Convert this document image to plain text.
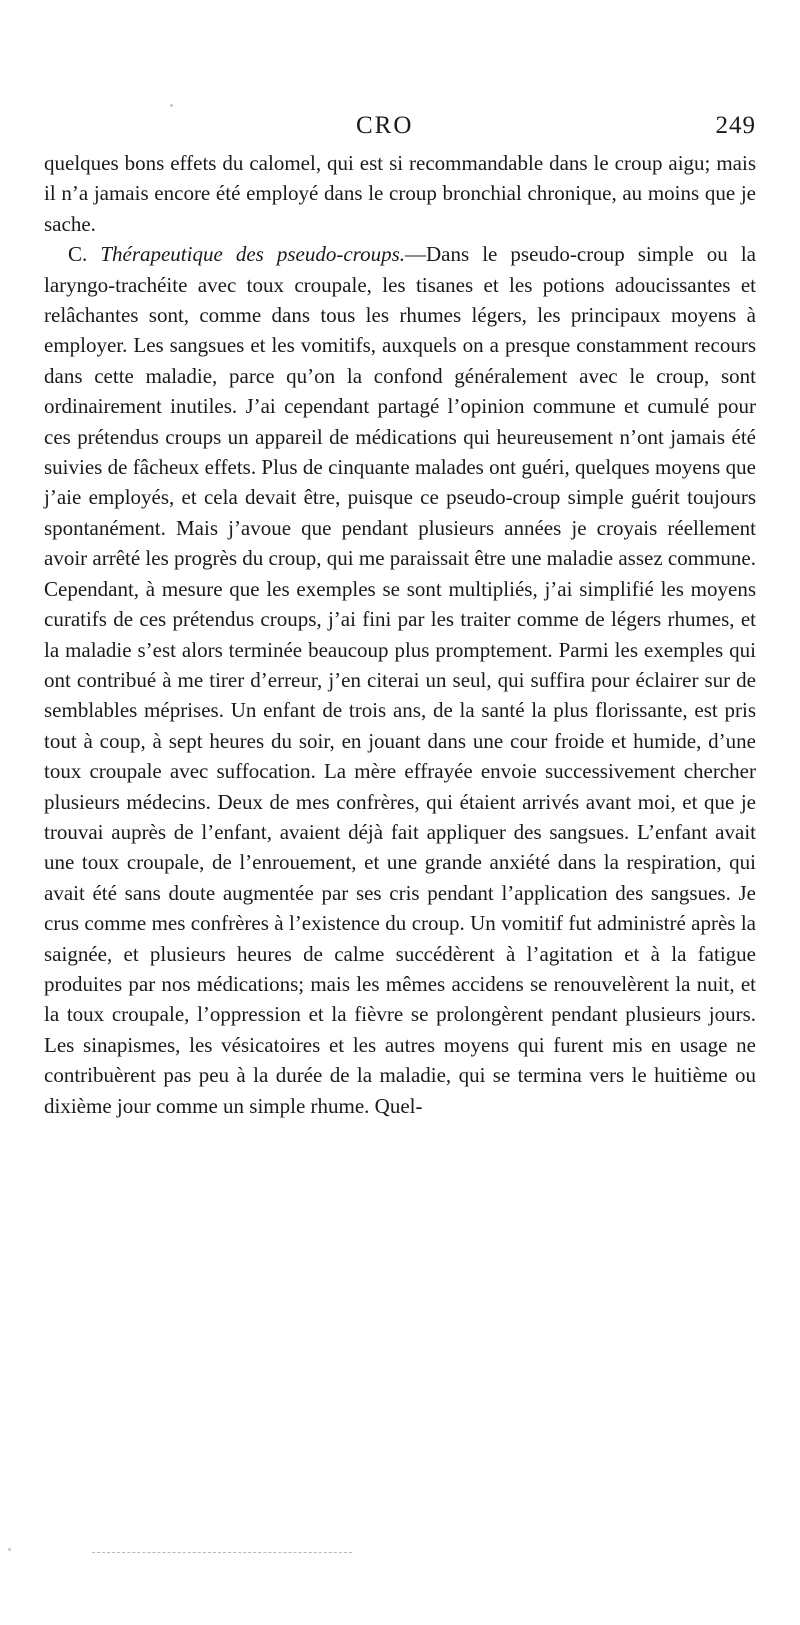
CRO	249

quelques bons effets du calomel, qui est si recommandable dans le croup aigu; mais il n’a jamais encore été employé dans le croup bronchial chronique, au moins que je sache.

C. Thérapeutique des pseudo-croups.—Dans le pseudo-croup simple ou la laryngo-trachéite avec toux croupale, les tisanes et les potions adoucissantes et relâchantes sont, comme dans tous les rhumes légers, les principaux moyens à employer. Les sangsues et les vomitifs, auxquels on a presque constamment recours dans cette maladie, parce qu’on la confond généralement avec le croup, sont ordinairement inutiles. J’ai cependant partagé l’opinion commune et cumulé pour ces prétendus croups un appareil de médications qui heureusement n’ont jamais été suivies de fâcheux effets. Plus de cinquante malades ont guéri, quelques moyens que j’aie employés, et cela devait être, puisque ce pseudo-croup simple guérit toujours spontanément. Mais j’avoue que pendant plusieurs années je croyais réellement avoir arrêté les progrès du croup, qui me paraissait être une maladie assez commune. Cependant, à mesure que les exemples se sont multipliés, j’ai simplifié les moyens curatifs de ces prétendus croups, j’ai fini par les traiter comme de légers rhumes, et la maladie s’est alors terminée beaucoup plus promptement. Parmi les exemples qui ont contribué à me tirer d’erreur, j’en citerai un seul, qui suffira pour éclairer sur de semblables méprises. Un enfant de trois ans, de la santé la plus florissante, est pris tout à coup, à sept heures du soir, en jouant dans une cour froide et humide, d’une toux croupale avec suffocation. La mère effrayée envoie successivement chercher plusieurs médecins. Deux de mes confrères, qui étaient arrivés avant moi, et que je trouvai auprès de l’enfant, avaient déjà fait appliquer des sangsues. L’enfant avait une toux croupale, de l’enrouement, et une grande anxiété dans la respiration, qui avait été sans doute augmentée par ses cris pendant l’application des sangsues. Je crus comme mes confrères à l’existence du croup. Un vomitif fut administré après la saignée, et plusieurs heures de calme succédèrent à l’agitation et à la fatigue produites par nos médications; mais les mêmes accidens se renouvelèrent la nuit, et la toux croupale, l’oppression et la fièvre se prolongèrent pendant plusieurs jours. Les sinapismes, les vésicatoires et les autres moyens qui furent mis en usage ne contribuèrent pas peu à la durée de la maladie, qui se termina vers le huitième ou dixième jour comme un simple rhume. Quel-
